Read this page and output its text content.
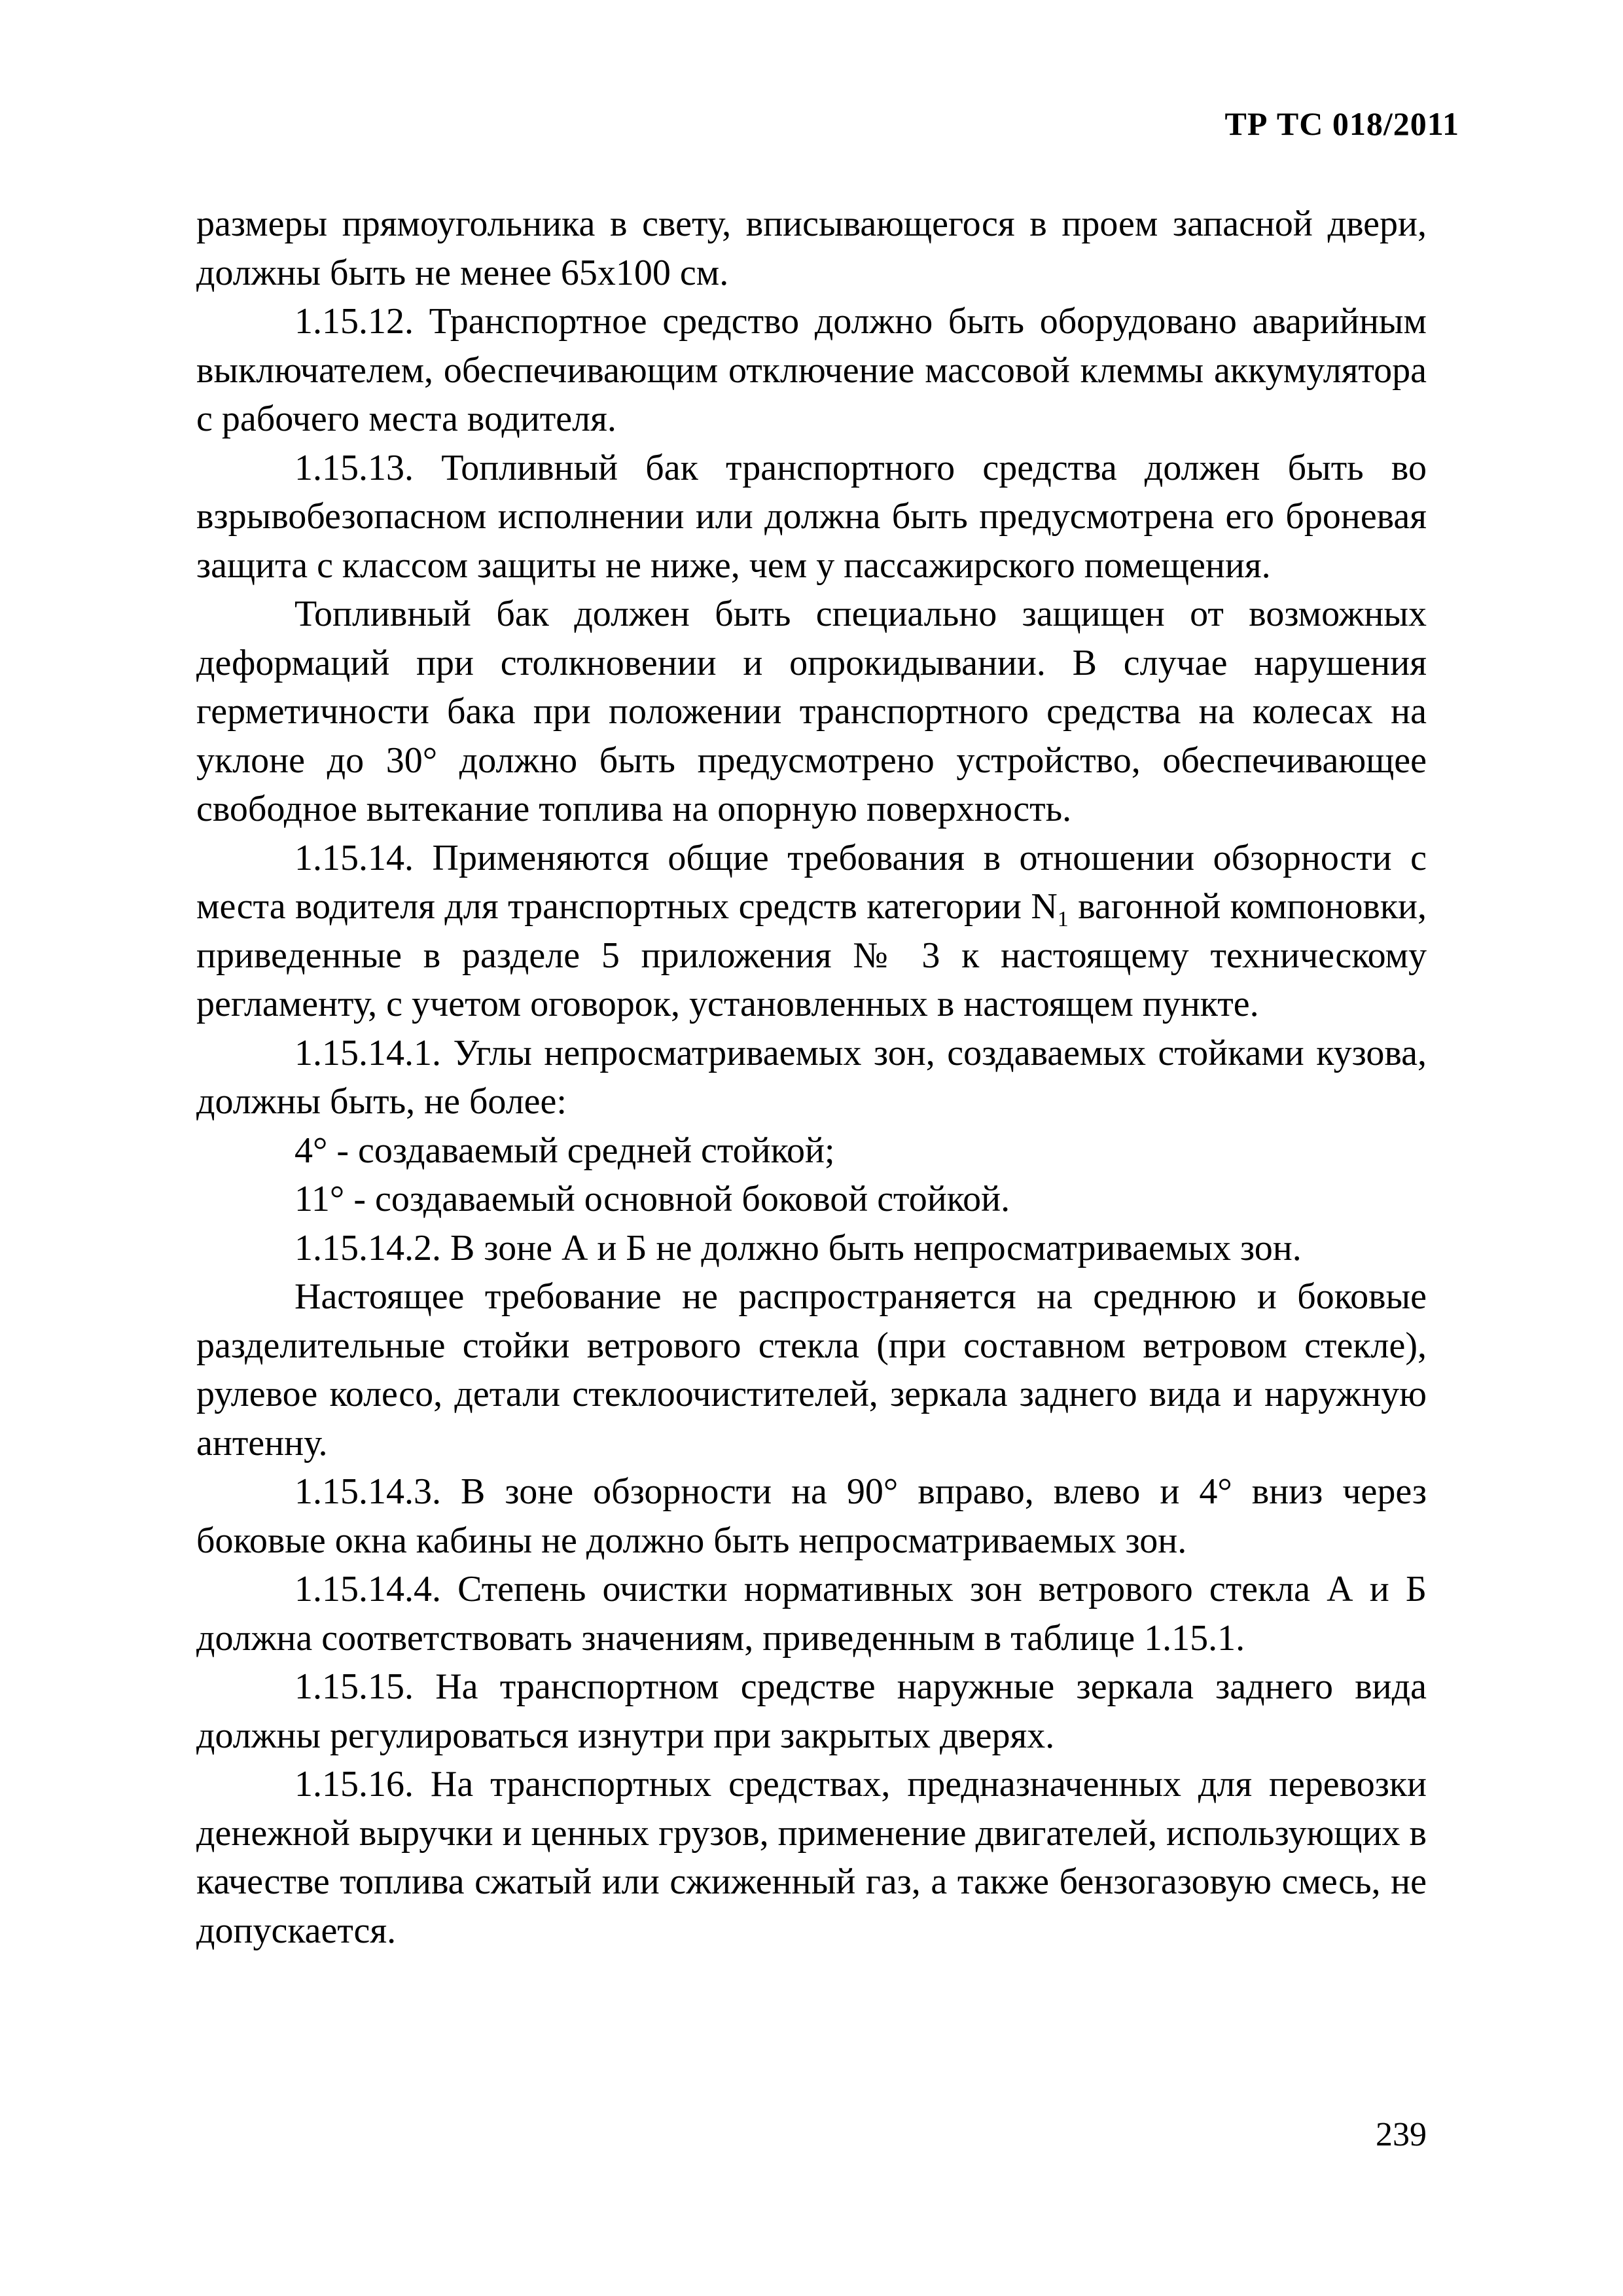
ТР ТС 018/2011

размеры прямоугольника в свету, вписывающегося в проем запасной двери, должны быть не менее 65х100 см.

1.15.12. Транспортное средство должно быть оборудовано аварийным выключателем, обеспечивающим отключение массовой клеммы аккумулятора с рабочего места водителя.

1.15.13. Топливный бак транспортного средства должен быть во взрывобезопасном исполнении или должна быть предусмотрена его броневая защита с классом защиты не ниже, чем у пассажирского помещения.

Топливный бак должен быть специально защищен от возможных деформаций при столкновении и опрокидывании. В случае нарушения герметичности бака при положении транспортного средства на колесах на уклоне до 30° должно быть предусмотрено устройство, обеспечивающее свободное вытекание топлива на опорную поверхность.

1.15.14. Применяются общие требования в отношении обзорности с места водителя для транспортных средств категории $N_1$ вагонной компоновки, приведенные в разделе 5 приложения № 3 к настоящему техническому регламенту, с учетом оговорок, установленных в настоящем пункте.

1.15.14.1. Углы непросматриваемых зон, создаваемых стойками кузова, должны быть, не более:

4° - создаваемый средней стойкой;

11° - создаваемый основной боковой стойкой.

1.15.14.2. В зоне А и Б не должно быть непросматриваемых зон.

Настоящее требование не распространяется на среднюю и боковые разделительные стойки ветрового стекла (при составном ветровом стекле), рулевое колесо, детали стеклоочистителей, зеркала заднего вида и наружную антенну.

1.15.14.3. В зоне обзорности на 90° вправо, влево и 4° вниз через боковые окна кабины не должно быть непросматриваемых зон.

1.15.14.4. Степень очистки нормативных зон ветрового стекла А и Б должна соответствовать значениям, приведенным в таблице 1.15.1.

1.15.15. На транспортном средстве наружные зеркала заднего вида должны регулироваться изнутри при закрытых дверях.

1.15.16. На транспортных средствах, предназначенных для перевозки денежной выручки и ценных грузов, применение двигателей, использующих в качестве топлива сжатый или сжиженный газ, а также бензогазовую смесь, не допускается.

239
